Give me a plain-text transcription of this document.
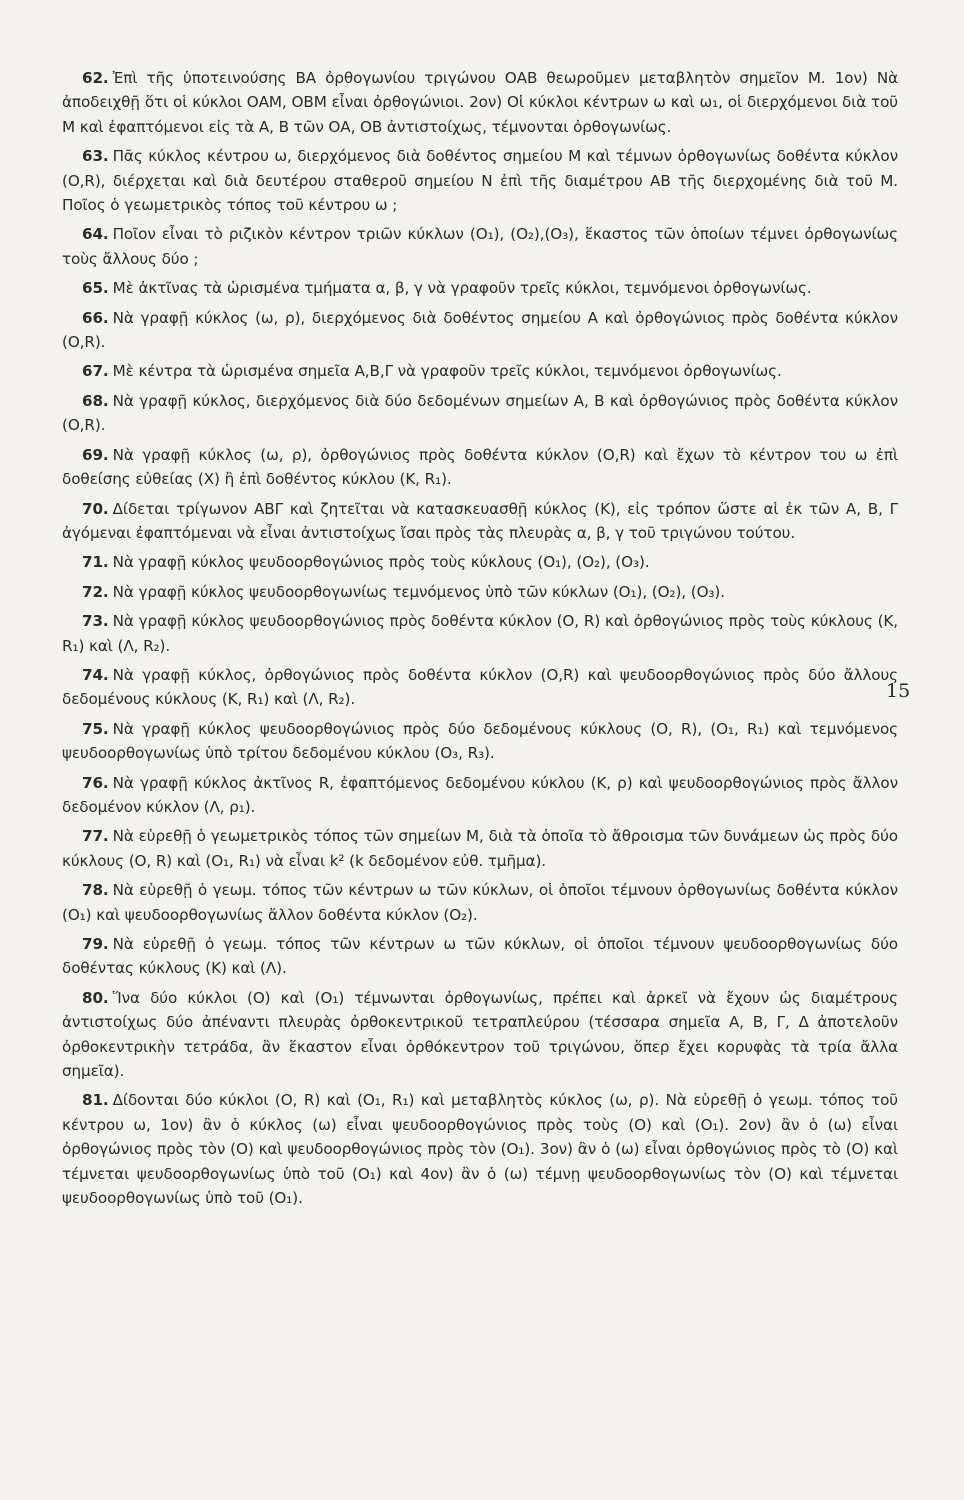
62. Ἐπὶ τῆς ὑποτεινούσης ΒΑ ὀρθογωνίου τριγώνου ΟΑΒ θεωροῦμεν μεταβλητὸν σημεῖον Μ. 1ον) Νὰ ἀποδειχθῇ ὅτι οἱ κύκλοι ΟΑΜ, ΟΒΜ εἶναι ὀρθογώνιοι. 2ον) Οἱ κύκλοι κέντρων ω καὶ ω₁, οἱ διερχόμενοι διὰ τοῦ Μ καὶ ἐφαπτόμενοι εἰς τὰ Α, Β τῶν ΟΑ, ΟΒ ἀντιστοίχως, τέμνονται ὀρθογωνίως.

63. Πᾶς κύκλος κέντρου ω, διερχόμενος διὰ δοθέντος σημείου Μ καὶ τέμνων ὀρθογωνίως δοθέντα κύκλον (Ο,R), διέρχεται καὶ διὰ δευτέρου σταθεροῦ σημείου Ν ἐπὶ τῆς διαμέτρου ΑΒ τῆς διερχομένης διὰ τοῦ Μ. Ποῖος ὁ γεωμετρικὸς τόπος τοῦ κέντρου ω ;

64. Ποῖον εἶναι τὸ ριζικὸν κέντρον τριῶν κύκλων (Ο₁), (Ο₂),(Ο₃), ἕκαστος τῶν ὁποίων τέμνει ὀρθογωνίως τοὺς ἄλλους δύο ;

65. Μὲ ἀκτῖνας τὰ ὡρισμένα τμήματα α, β, γ νὰ γραφοῦν τρεῖς κύκλοι, τεμνόμενοι ὀρθογωνίως.

66. Νὰ γραφῇ κύκλος (ω, ρ), διερχόμενος διὰ δοθέντος σημείου Α καὶ ὀρθογώνιος πρὸς δοθέντα κύκλον (Ο,R).

67. Μὲ κέντρα τὰ ὡρισμένα σημεῖα Α,Β,Γ νὰ γραφοῦν τρεῖς κύκλοι, τεμνόμενοι ὀρθογωνίως.

68. Νὰ γραφῇ κύκλος, διερχόμενος διὰ δύο δεδομένων σημείων Α, Β καὶ ὀρθογώνιος πρὸς δοθέντα κύκλον (Ο,R).

69. Νὰ γραφῇ κύκλος (ω, ρ), ὀρθογώνιος πρὸς δοθέντα κύκλον (Ο,R) καὶ ἔχων τὸ κέντρον του ω ἐπὶ δοθείσης εὐθείας (Χ) ἢ ἐπὶ δοθέντος κύκλου (Κ, R₁).

70. Δίδεται τρίγωνον ΑΒΓ καὶ ζητεῖται νὰ κατασκευασθῇ κύκλος (Κ), εἰς τρόπον ὥστε αἱ ἐκ τῶν Α, Β, Γ ἀγόμεναι ἐφαπτόμεναι νὰ εἶναι ἀντιστοίχως ἴσαι πρὸς τὰς πλευρὰς α, β, γ τοῦ τριγώνου τούτου.

71. Νὰ γραφῇ κύκλος ψευδοορθογώνιος πρὸς τοὺς κύκλους (Ο₁), (Ο₂), (Ο₃).

72. Νὰ γραφῇ κύκλος ψευδοορθογωνίως τεμνόμενος ὑπὸ τῶν κύκλων (Ο₁), (Ο₂), (Ο₃).

73. Νὰ γραφῇ κύκλος ψευδοορθογώνιος πρὸς δοθέντα κύκλον (Ο, R) καὶ ὀρθογώνιος πρὸς τοὺς κύκλους (Κ, R₁) καὶ (Λ, R₂).

74. Νὰ γραφῇ κύκλος, ὀρθογώνιος πρὸς δοθέντα κύκλον (Ο,R) καὶ ψευδοορθογώνιος πρὸς δύο ἄλλους δεδομένους κύκλους (Κ, R₁) καὶ (Λ, R₂).

75. Νὰ γραφῇ κύκλος ψευδοορθογώνιος πρὸς δύο δεδομένους κύκλους (Ο, R), (Ο₁, R₁) καὶ τεμνόμενος ψευδοορθογωνίως ὑπὸ τρίτου δεδομένου κύκλου (Ο₃, R₃).

76. Νὰ γραφῇ κύκλος ἀκτῖνος R, ἐφαπτόμενος δεδομένου κύκλου (Κ, ρ) καὶ ψευδοορθογώνιος πρὸς ἄλλον δεδομένον κύκλον (Λ, ρ₁).

77. Νὰ εὑρεθῇ ὁ γεωμετρικὸς τόπος τῶν σημείων Μ, διὰ τὰ ὁποῖα τὸ ἄθροισμα τῶν δυνάμεων ὡς πρὸς δύο κύκλους (Ο, R) καὶ (Ο₁, R₁) νὰ εἶναι k² (k δεδομένον εὐθ. τμῆμα).

78. Νὰ εὑρεθῇ ὁ γεωμ. τόπος τῶν κέντρων ω τῶν κύκλων, οἱ ὁποῖοι τέμνουν ὀρθογωνίως δοθέντα κύκλον (Ο₁) καὶ ψευδοορθογωνίως ἄλλον δοθέντα κύκλον (Ο₂).

79. Νὰ εὑρεθῇ ὁ γεωμ. τόπος τῶν κέντρων ω τῶν κύκλων, οἱ ὁποῖοι τέμνουν ψευδοορθογωνίως δύο δοθέντας κύκλους (Κ) καὶ (Λ).

80. Ἵνα δύο κύκλοι (Ο) καὶ (Ο₁) τέμνωνται ὀρθογωνίως, πρέπει καὶ ἀρκεῖ νὰ ἔχουν ὡς διαμέτρους ἀντιστοίχως δύο ἀπέναντι πλευρὰς ὀρθοκεντρικοῦ τετραπλεύρου (τέσσαρα σημεῖα Α, Β, Γ, Δ ἀποτελοῦν ὀρθοκεντρικὴν τετράδα, ἂν ἕκαστον εἶναι ὀρθόκεντρον τοῦ τριγώνου, ὅπερ ἔχει κορυφὰς τὰ τρία ἄλλα σημεῖα).

81. Δίδονται δύο κύκλοι (Ο, R) καὶ (Ο₁, R₁) καὶ μεταβλητὸς κύκλος (ω, ρ). Νὰ εὑρεθῇ ὁ γεωμ. τόπος τοῦ κέντρου ω, 1ον) ἂν ὁ κύκλος (ω) εἶναι ψευδοορθογώνιος πρὸς τοὺς (Ο) καὶ (Ο₁). 2ον) ἂν ὁ (ω) εἶναι ὀρθογώνιος πρὸς τὸν (Ο) καὶ ψευδοορθογώνιος πρὸς τὸν (Ο₁). 3ον) ἂν ὁ (ω) εἶναι ὀρθογώνιος πρὸς τὸ (Ο) καὶ τέμνεται ψευδοορθογωνίως ὑπὸ τοῦ (Ο₁) καὶ 4ον) ἂν ὁ (ω) τέμνῃ ψευδοορθογωνίως τὸν (Ο) καὶ τέμνεται ψευδοορθογωνίως ὑπὸ τοῦ (Ο₁).

15
